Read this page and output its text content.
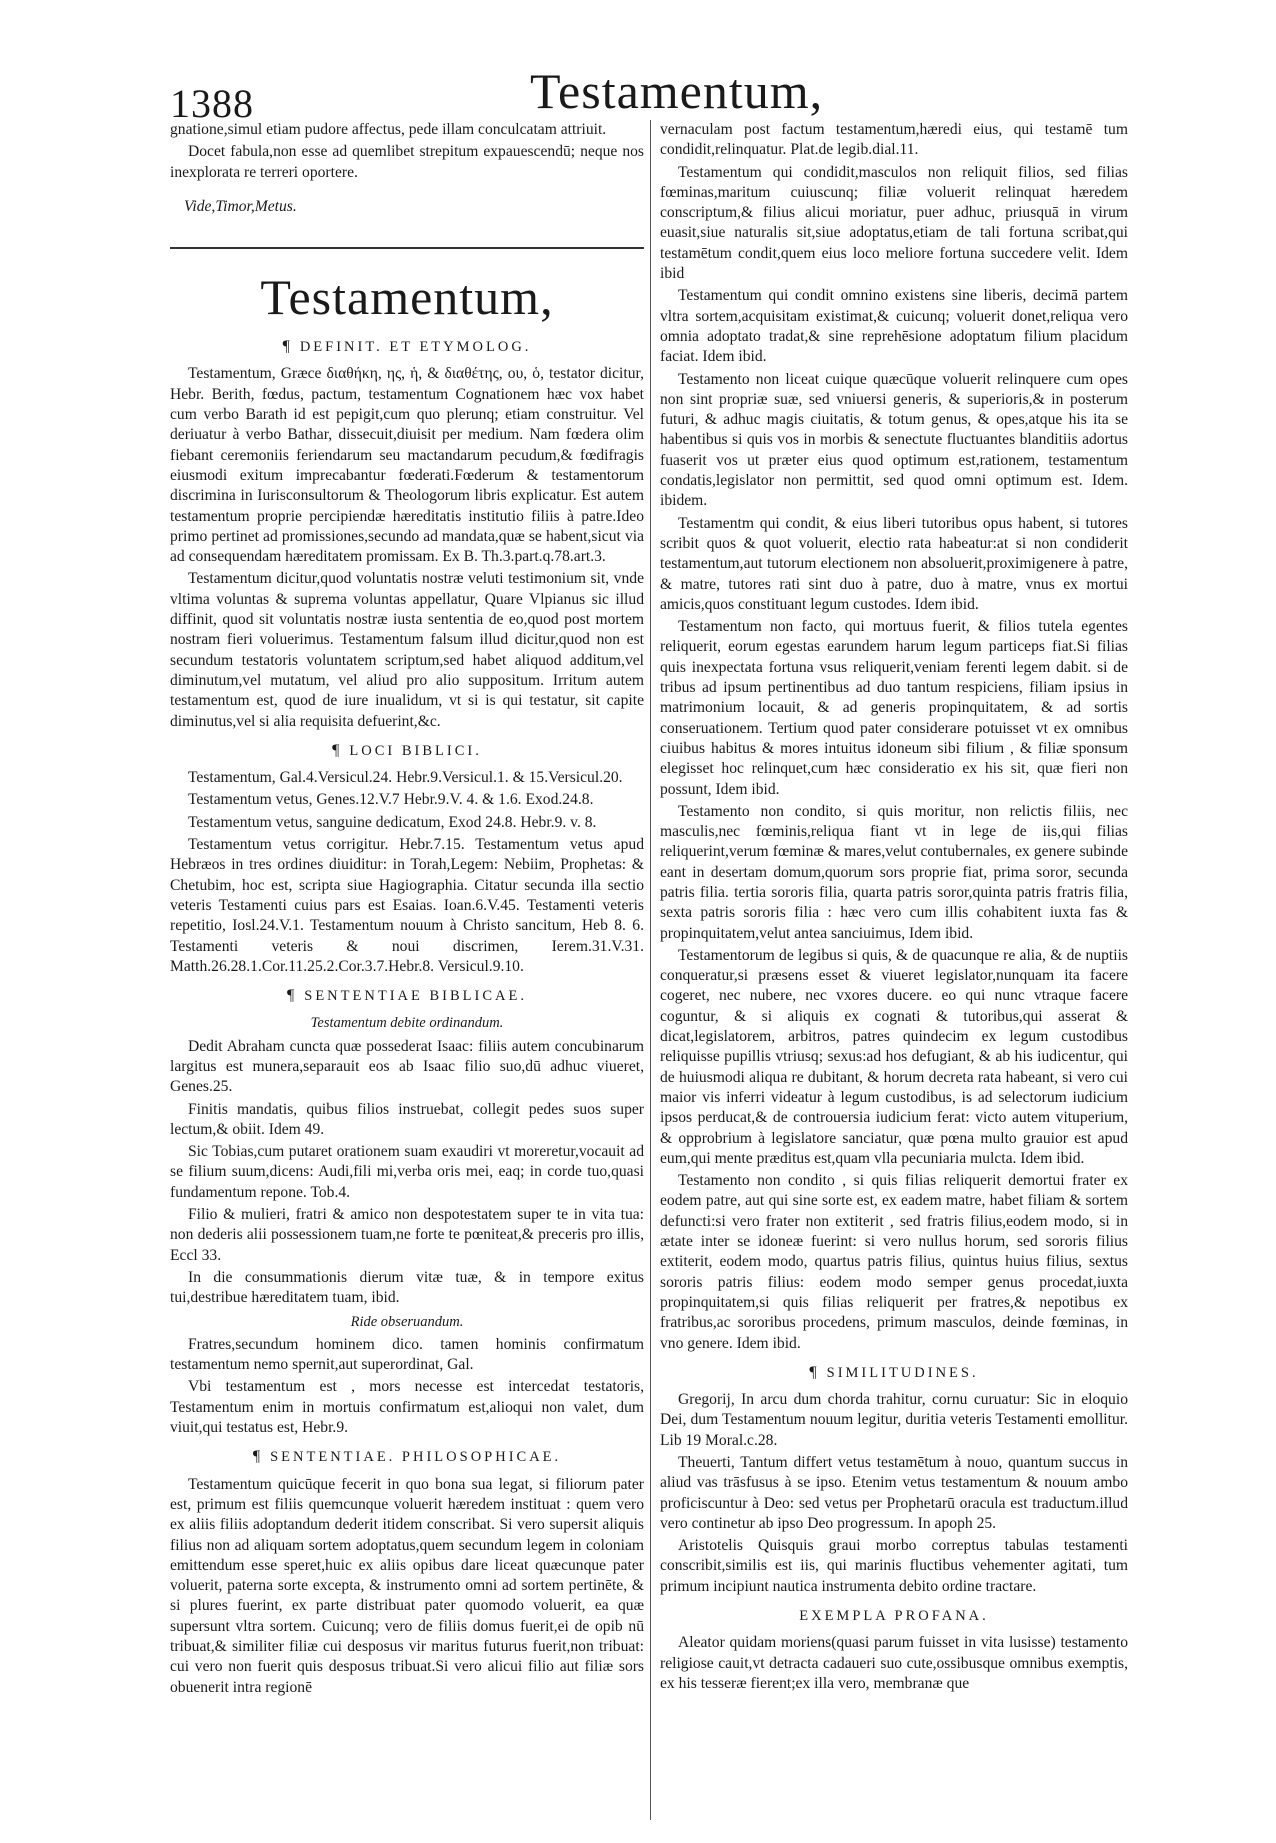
1388	Testamentum,

gnatione,simul etiam pudore affectus, pede illam conculcatam attriuit.

Docet fabula,non esse ad quemlibet strepitum expauescendū; neque nos inexplorata re terreri oportere.

Vide,Timor,Metus.

Testamentum,
¶ DEFINIT. ET ETYMOLOG.

Testamentum, Græce διαθήκη, ης, ἡ, & διαθέτης, ου, ὁ, testator dicitur, Hebr. Berith, fœdus, pactum, testamentum Cognationem hæc vox habet cum verbo Barath id est pepigit,cum quo plerunq; etiam construitur. Vel deriuatur à verbo Bathar, dissecuit,diuisit per medium. Nam fœdera olim fiebant ceremoniis feriendarum seu mactandarum pecudum,& fœdifragis eiusmodi exitum imprecabantur fœderati.Fœderum & testamentorum discrimina in Iurisconsultorum & Theologorum libris explicatur. Est autem testamentum proprie percipiendæ hæreditatis institutio filiis à patre.Ideo primo pertinet ad promissiones,secundo ad mandata,quæ se habent,sicut via ad consequendam hæreditatem promissam. Ex B. Th.3.part.q.78.art.3.

Testamentum dicitur,quod voluntatis nostræ veluti testimonium sit, vnde vltima voluntas & suprema voluntas appellatur, Quare Vlpianus sic illud diffinit, quod sit voluntatis nostræ iusta sententia de eo,quod post mortem nostram fieri voluerimus. Testamentum falsum illud dicitur,quod non est secundum testatoris voluntatem scriptum,sed habet aliquod additum,vel diminutum,vel mutatum, vel aliud pro alio suppositum. Irritum autem testamentum est, quod de iure inualidum, vt si is qui testatur, sit capite diminutus,vel si alia requisita defuerint,&c.

¶ LOCI BIBLICI.

Testamentum, Gal.4.Versicul.24. Hebr.9.Versicul.1. & 15.Versicul.20.

Testamentum vetus, Genes.12.V.7 Hebr.9.V. 4. & 1.6. Exod.24.8.

Testamentum vetus, sanguine dedicatum, Exod 24.8. Hebr.9. v. 8.

Testamentum vetus corrigitur. Hebr.7.15. Testamentum vetus apud Hebræos in tres ordines diuiditur: in Torah,Legem: Nebiim, Prophetas: & Chetubim, hoc est, scripta siue Hagiographia. Citatur secunda illa sectio veteris Testamenti cuius pars est Esaias. Ioan.6.V.45. Testamenti veteris repetitio, Iosl.24.V.1. Testamentum nouum à Christo sancitum, Heb 8. 6. Testamenti veteris & noui discrimen, Ierem.31.V.31. Matth.26.28.1.Cor.11.25.2.Cor.3.7.Hebr.8. Versicul.9.10.

¶ SENTENTIAE BIBLICAE.
Testamentum debite ordinandum.

Dedit Abraham cuncta quæ possederat Isaac: filiis autem concubinarum largitus est munera,separauit eos ab Isaac filio suo,dū adhuc viueret, Genes.25.

Finitis mandatis, quibus filios instruebat, collegit pedes suos super lectum,& obiit. Idem 49.

Sic Tobias,cum putaret orationem suam exaudiri vt moreretur,vocauit ad se filium suum,dicens: Audi,fili mi,verba oris mei, eaq; in corde tuo,quasi fundamentum repone. Tob.4.

Filio & mulieri, fratri & amico non despotestatem super te in vita tua: non dederis alii possessionem tuam,ne forte te pœniteat,& preceris pro illis, Eccl 33.

In die consummationis dierum vitæ tuæ, & in tempore exitus tui,destribue hæreditatem tuam, ibid.

Ride obseruandum.

Fratres,secundum hominem dico. tamen hominis confirmatum testamentum nemo spernit,aut superordinat, Gal.

Vbi testamentum est , mors necesse est intercedat testatoris, Testamentum enim in mortuis confirmatum est,alioqui non valet, dum viuit,qui testatus est, Hebr.9.

¶ SENTENTIAE. PHILOSOPHICAE.

Testamentum quicūque fecerit in quo bona sua legat, si filiorum pater est, primum est filiis quemcunque voluerit hæredem instituat : quem vero ex aliis filiis adoptandum dederit itidem conscribat. Si vero supersit aliquis filius non ad aliquam sortem adoptatus,quem secundum legem in coloniam emittendum esse speret,huic ex aliis opibus dare liceat quæcunque pater voluerit, paterna sorte excepta, & instrumento omni ad sortem pertinēte, & si plures fuerint, ex parte distribuat pater quomodo voluerit, ea quæ supersunt vltra sortem. Cuicunq; vero de filiis domus fuerit,ei de opib nū tribuat,& similiter filiæ cui desposus vir maritus futurus fuerit,non tribuat: cui vero non fuerit quis desposus tribuat.Si vero alicui filio aut filiæ sors obuenerit intra regionē

vernaculam post factum testamentum,hæredi eius, qui testamē tum condidit,relinquatur. Plat.de legib.dial.11.

Testamentum qui condidit,masculos non reliquit filios, sed filias fœminas,maritum cuiuscunq; filiæ voluerit relinquat hæredem conscriptum,& filius alicui moriatur, puer adhuc, priusquā in virum euasit,siue naturalis sit,siue adoptatus,etiam de tali fortuna scribat,qui testamētum condit,quem eius loco meliore fortuna succedere velit. Idem ibid

Testamentum qui condit omnino existens sine liberis, decimā partem vltra sortem,acquisitam existimat,& cuicunq; voluerit donet,reliqua vero omnia adoptato tradat,& sine reprehēsione adoptatum filium placidum faciat. Idem ibid.

Testamento non liceat cuique quæcūque voluerit relinquere cum opes non sint propriæ suæ, sed vniuersi generis, & superioris,& in posterum futuri, & adhuc magis ciuitatis, & totum genus, & opes,atque his ita se habentibus si quis vos in morbis & senectute fluctuantes blanditiis adortus fuaserit vos ut præter eius quod optimum est,rationem, testamentum condatis,legislator non permittit, sed quod omni optimum est. Idem. ibidem.

Testamentm qui condit, & eius liberi tutoribus opus habent, si tutores scribit quos & quot voluerit, electio rata habeatur:at si non condiderit testamentum,aut tutorum electionem non absoluerit,proximigenere à patre, & matre, tutores rati sint duo à patre, duo à matre, vnus ex mortui amicis,quos constituant legum custodes. Idem ibid.

Testamentum non facto, qui mortuus fuerit, & filios tutela egentes reliquerit, eorum egestas earundem harum legum particeps fiat.Si filias quis inexpectata fortuna vsus reliquerit,veniam ferenti legem dabit. si de tribus ad ipsum pertinentibus ad duo tantum respiciens, filiam ipsius in matrimonium locauit, & ad generis propinquitatem, & ad sortis conseruationem. Tertium quod pater considerare potuisset vt ex omnibus ciuibus habitus & mores intuitus idoneum sibi filium , & filiæ sponsum elegisset hoc relinquet,cum hæc consideratio ex his sit, quæ fieri non possunt, Idem ibid.

Testamento non condito, si quis moritur, non relictis filiis, nec masculis,nec fœminis,reliqua fiant vt in lege de iis,qui filias reliquerint,verum fœminæ & mares,velut contubernales, ex genere subinde eant in desertam domum,quorum sors proprie fiat, prima soror, secunda patris filia. tertia sororis filia, quarta patris soror,quinta patris fratris filia, sexta patris sororis filia : hæc vero cum illis cohabitent iuxta fas & propinquitatem,velut antea sanciuimus, Idem ibid.

Testamentorum de legibus si quis, & de quacunque re alia, & de nuptiis conqueratur,si præsens esset & viueret legislator,nunquam ita facere cogeret, nec nubere, nec vxores ducere. eo qui nunc vtraque facere coguntur, & si aliquis ex cognati & tutoribus,qui asserat & dicat,legislatorem, arbitros, patres quindecim ex legum custodibus reliquisse pupillis vtriusq; sexus:ad hos defugiant, & ab his iudicentur, qui de huiusmodi aliqua re dubitant, & horum decreta rata habeant, si vero cui maior vis inferri videatur à legum custodibus, is ad selectorum iudicium ipsos perducat,& de controuersia iudicium ferat: victo autem vituperium, & opprobrium à legislatore sanciatur, quæ pœna multo grauior est apud eum,qui mente præditus est,quam vlla pecuniaria mulcta. Idem ibid.

Testamento non condito , si quis filias reliquerit demortui frater ex eodem patre, aut qui sine sorte est, ex eadem matre, habet filiam & sortem defuncti:si vero frater non extiterit , sed fratris filius,eodem modo, si in ætate inter se idoneæ fuerint: si vero nullus horum, sed sororis filius extiterit, eodem modo, quartus patris filius, quintus huius filius, sextus sororis patris filius: eodem modo semper genus procedat,iuxta propinquitatem,si quis filias reliquerit per fratres,& nepotibus ex fratribus,ac sororibus procedens, primum masculos, deinde fœminas, in vno genere. Idem ibid.

¶ SIMILITUDINES.

Gregorij, In arcu dum chorda trahitur, cornu curuatur: Sic in eloquio Dei, dum Testamentum nouum legitur, duritia veteris Testamenti emollitur. Lib 19 Moral.c.28.

Theuerti, Tantum differt vetus testamētum à nouo, quantum succus in aliud vas trāsfusus à se ipso. Etenim vetus testamentum & nouum ambo proficiscuntur à Deo: sed vetus per Prophetarū oracula est traductum.illud vero continetur ab ipso Deo progressum. In apoph 25.

Aristotelis Quisquis graui morbo correptus tabulas testamenti conscribit,similis est iis, qui marinis fluctibus vehementer agitati, tum primum incipiunt nautica instrumenta debito ordine tractare.

EXEMPLA PROFANA.

Aleator quidam moriens(quasi parum fuisset in vita lusisse) testamento religiose cauit,vt detracta cadaueri suo cute,ossibusque omnibus exemptis, ex his tesseræ fierent;ex illa vero, membranæ que
